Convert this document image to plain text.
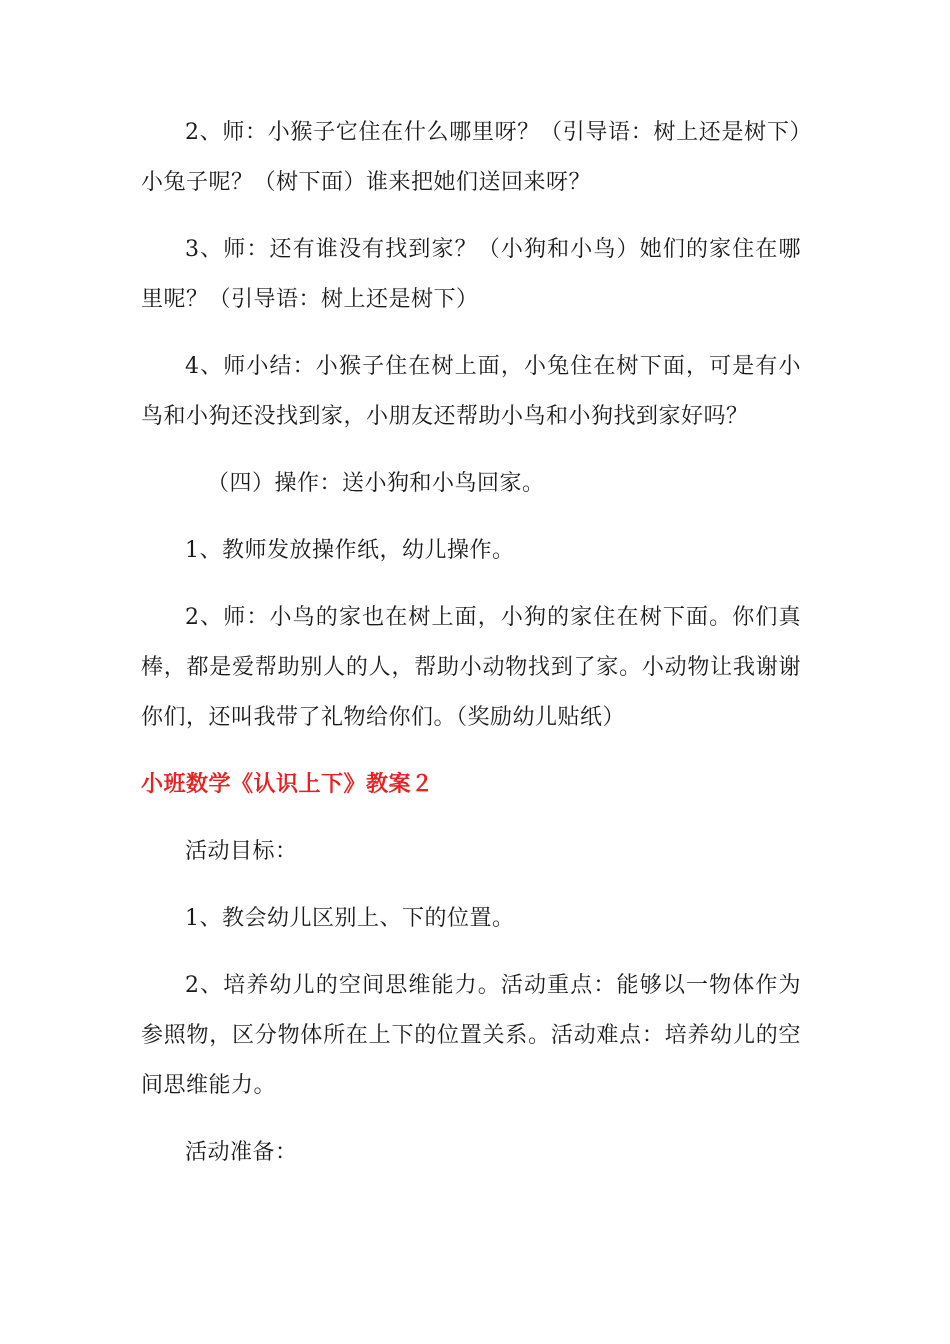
2、师：小猴子它住在什么哪里呀？（引导语：树上还是树下）小兔子呢？（树下面）谁来把她们送回来呀？

3、师：还有谁没有找到家？（小狗和小鸟）她们的家住在哪里呢？（引导语：树上还是树下）

4、师小结：小猴子住在树上面，小兔住在树下面，可是有小鸟和小狗还没找到家，小朋友还帮助小鸟和小狗找到家好吗？

（四）操作：送小狗和小鸟回家。

1、教师发放操作纸，幼儿操作。

2、师：小鸟的家也在树上面，小狗的家住在树下面。你们真棒，都是爱帮助别人的人，帮助小动物找到了家。小动物让我谢谢你们，还叫我带了礼物给你们。（奖励幼儿贴纸）

小班数学《认识上下》教案２

活动目标：

1、教会幼儿区别上、下的位置。

2、培养幼儿的空间思维能力。活动重点：能够以一物体作为参照物，区分物体所在上下的位置关系。活动难点：培养幼儿的空间思维能力。

活动准备：
